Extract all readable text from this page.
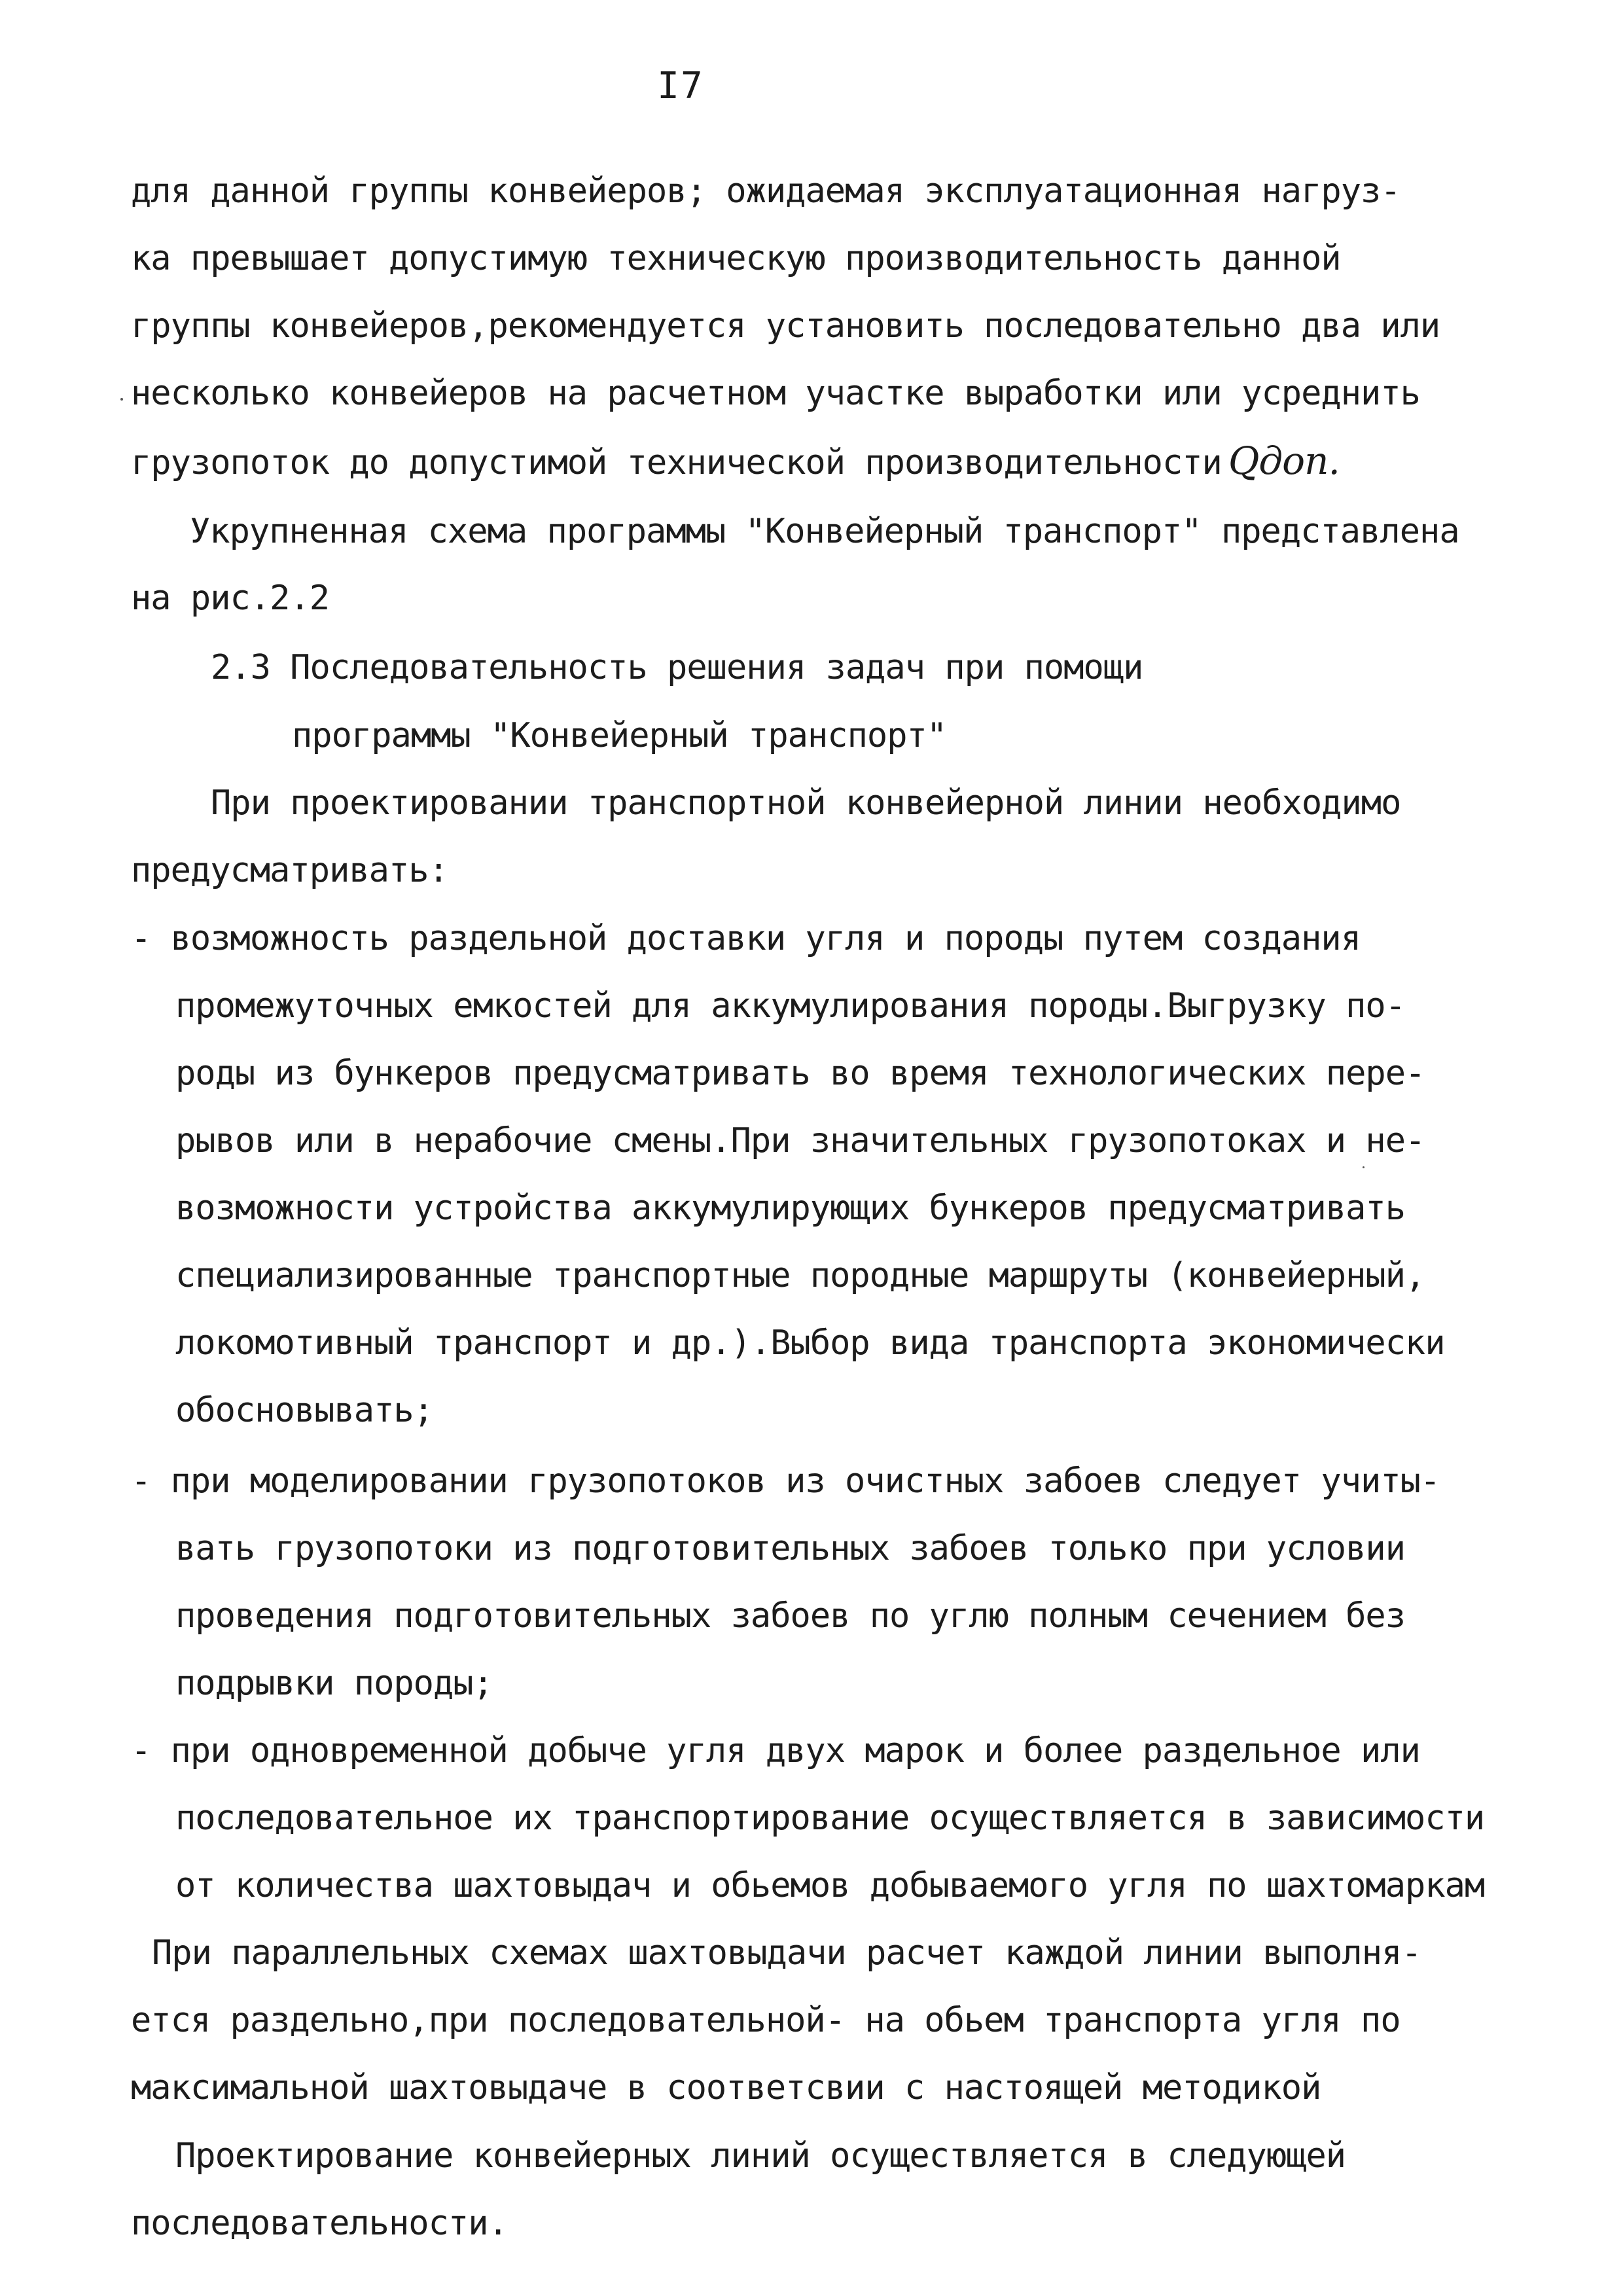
I7
для данной группы конвейеров; ожидаемая эксплуатационная нагруз-
ка превышает допустимую техническую производительность данной
группы конвейеров,рекомендуется установить последовательно два или
несколько конвейеров на расчетном участке выработки или усреднить
грузопоток до допустимой технической производительности Qдоп.
Укрупненная схема программы "Конвейерный транспорт" представлена
на рис.2.2
2.3 Последовательность решения задач при помощи
программы "Конвейерный транспорт"
При проектировании транспортной конвейерной линии необходимо
предусматривать:
- возможность раздельной доставки угля и породы путем создания
промежуточных емкостей для аккумулирования породы.Выгрузку по-
роды из бункеров предусматривать во время технологических пере-
рывов или в нерабочие смены.При значительных грузопотоках и не-
возможности устройства аккумулирующих бункеров предусматривать
специализированные транспортные породные маршруты (конвейерный,
локомотивный транспорт и др.).Выбор вида транспорта экономически
обосновывать;
- при моделировании грузопотоков из очистных забоев следует учиты-
вать грузопотоки из подготовительных забоев только при условии
проведения подготовительных забоев по углю полным сечением без
подрывки породы;
- при одновременной добыче угля двух марок и более раздельное или
последовательное их транспортирование осуществляется в зависимости
от количества шахтовыдач и обьемов добываемого угля по шахтомаркам
При параллельных схемах шахтовыдачи расчет каждой линии выполня-
ется раздельно,при последовательной- на обьем транспорта угля по
максимальной шахтовыдаче в соответсвии с настоящей методикой
Проектирование конвейерных линий осуществляется в следующей
последовательности.
